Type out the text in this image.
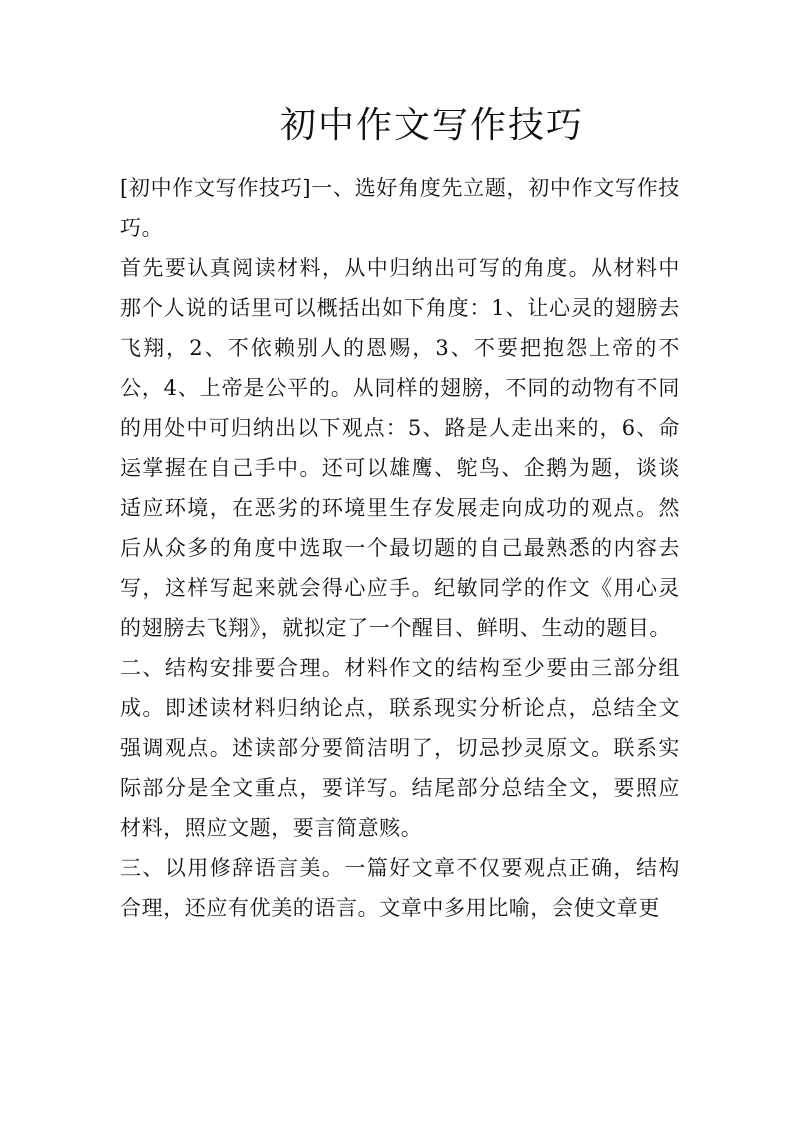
初中作文写作技巧

[初中作文写作技巧]一、选好角度先立题，初中作文写作技巧。

首先要认真阅读材料，从中归纳出可写的角度。从材料中那个人说的话里可以概括出如下角度：1、让心灵的翅膀去飞翔，2、不依赖别人的恩赐，3、不要把抱怨上帝的不公，4、上帝是公平的。从同样的翅膀，不同的动物有不同的用处中可归纳出以下观点：5、路是人走出来的，6、命运掌握在自己手中。还可以雄鹰、鸵鸟、企鹅为题，谈谈适应环境，在恶劣的环境里生存发展走向成功的观点。然后从众多的角度中选取一个最切题的自己最熟悉的内容去写，这样写起来就会得心应手。纪敏同学的作文《用心灵的翅膀去飞翔》，就拟定了一个醒目、鲜明、生动的题目。

二、结构安排要合理。材料作文的结构至少要由三部分组成。即述读材料归纳论点，联系现实分析论点，总结全文强调观点。述读部分要简洁明了，切忌抄灵原文。联系实际部分是全文重点，要详写。结尾部分总结全文，要照应材料，照应文题，要言简意赅。

三、以用修辞语言美。一篇好文章不仅要观点正确，结构合理，还应有优美的语言。文章中多用比喻，会使文章更
